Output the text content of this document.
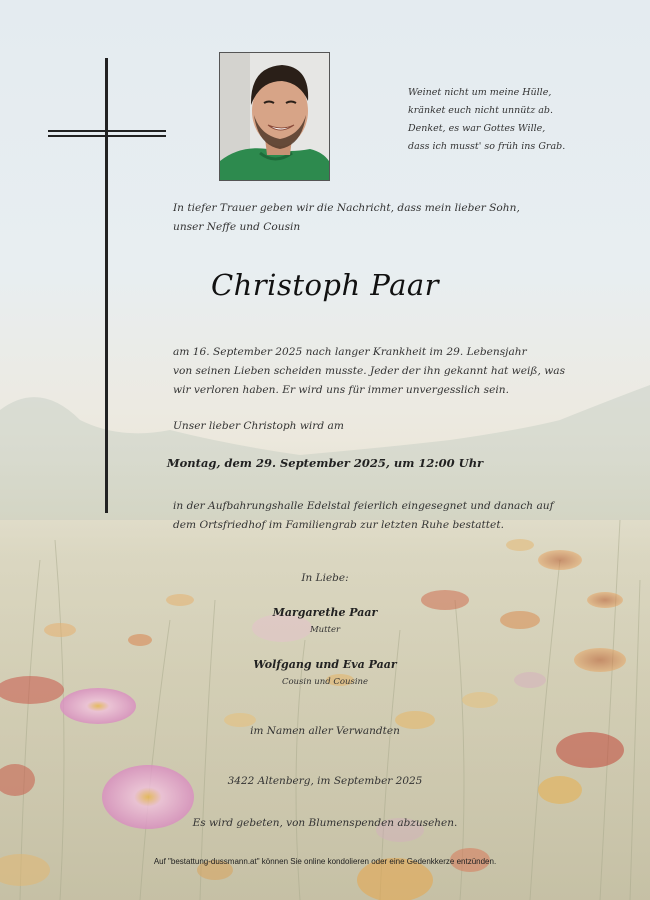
Weinet nicht um meine Hülle,
kränket euch nicht unnütz ab.
Denket, es war Gottes Wille,
dass ich musst' so früh ins Grab.
In tiefer Trauer geben wir die Nachricht, dass mein lieber Sohn,
unser Neffe und Cousin
Christoph Paar
am 16. September 2025 nach langer Krankheit im 29. Lebensjahr
von seinen Lieben scheiden musste. Jeder der ihn gekannt hat weiß, was
wir verloren haben. Er wird uns für immer unvergesslich sein.
Unser lieber Christoph wird am
Montag, dem 29. September 2025, um 12:00 Uhr
in der Aufbahrungshalle Edelstal feierlich eingesegnet und danach auf
dem Ortsfriedhof im Familiengrab zur letzten Ruhe bestattet.
In Liebe:
Margarethe Paar
Mutter
Wolfgang und Eva Paar
Cousin und Cousine
im Namen aller Verwandten
3422 Altenberg, im September 2025
Es wird gebeten, von Blumenspenden abzusehen.
Auf "bestattung-dussmann.at" können Sie online kondolieren oder eine Gedenkkerze entzünden.
